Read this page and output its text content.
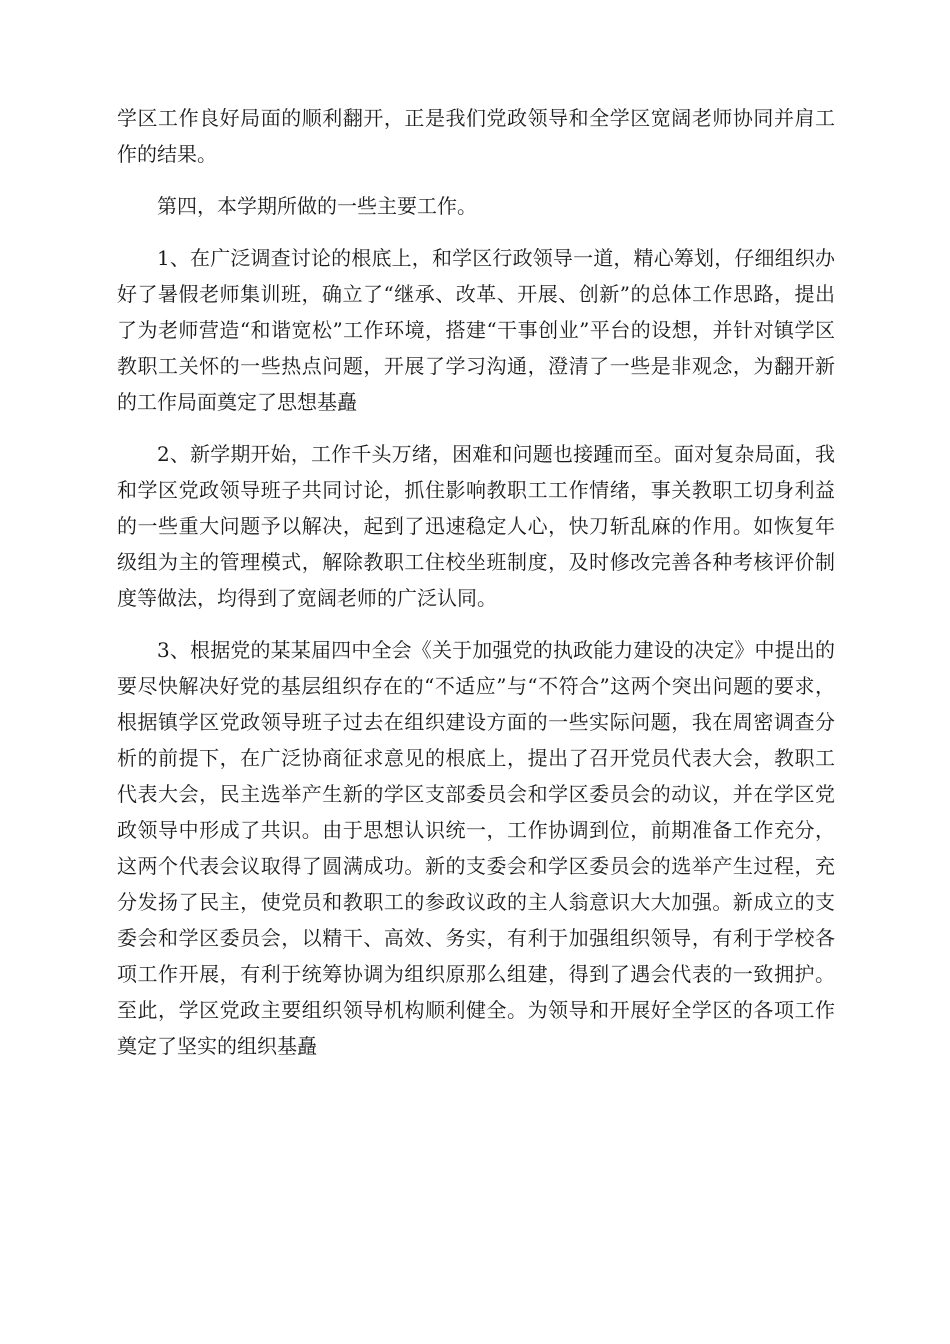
学区工作良好局面的顺利翻开，正是我们党政领导和全学区宽阔老师协同并肩工作的结果。

第四，本学期所做的一些主要工作。

1、在广泛调查讨论的根底上，和学区行政领导一道，精心筹划，仔细组织办好了暑假老师集训班，确立了“继承、改革、开展、创新”的总体工作思路，提出了为老师营造“和谐宽松”工作环境，搭建“干事创业”平台的设想，并针对镇学区教职工关怀的一些热点问题，开展了学习沟通，澄清了一些是非观念，为翻开新的工作局面奠定了思想基矗

2、新学期开始，工作千头万绪，困难和问题也接踵而至。面对复杂局面，我和学区党政领导班子共同讨论，抓住影响教职工工作情绪，事关教职工切身利益的一些重大问题予以解决，起到了迅速稳定人心，快刀斩乱麻的作用。如恢复年级组为主的管理模式，解除教职工住校坐班制度，及时修改完善各种考核评价制度等做法，均得到了宽阔老师的广泛认同。

3、根据党的某某届四中全会《关于加强党的执政能力建设的决定》中提出的要尽快解决好党的基层组织存在的“不适应”与“不符合”这两个突出问题的要求，根据镇学区党政领导班子过去在组织建设方面的一些实际问题，我在周密调查分析的前提下，在广泛协商征求意见的根底上，提出了召开党员代表大会，教职工代表大会，民主选举产生新的学区支部委员会和学区委员会的动议，并在学区党政领导中形成了共识。由于思想认识统一，工作协调到位，前期准备工作充分，这两个代表会议取得了圆满成功。新的支委会和学区委员会的选举产生过程，充分发扬了民主，使党员和教职工的参政议政的主人翁意识大大加强。新成立的支委会和学区委员会，以精干、高效、务实，有利于加强组织领导，有利于学校各项工作开展，有利于统筹协调为组织原那么组建，得到了遇会代表的一致拥护。至此，学区党政主要组织领导机构顺利健全。为领导和开展好全学区的各项工作奠定了坚实的组织基矗
